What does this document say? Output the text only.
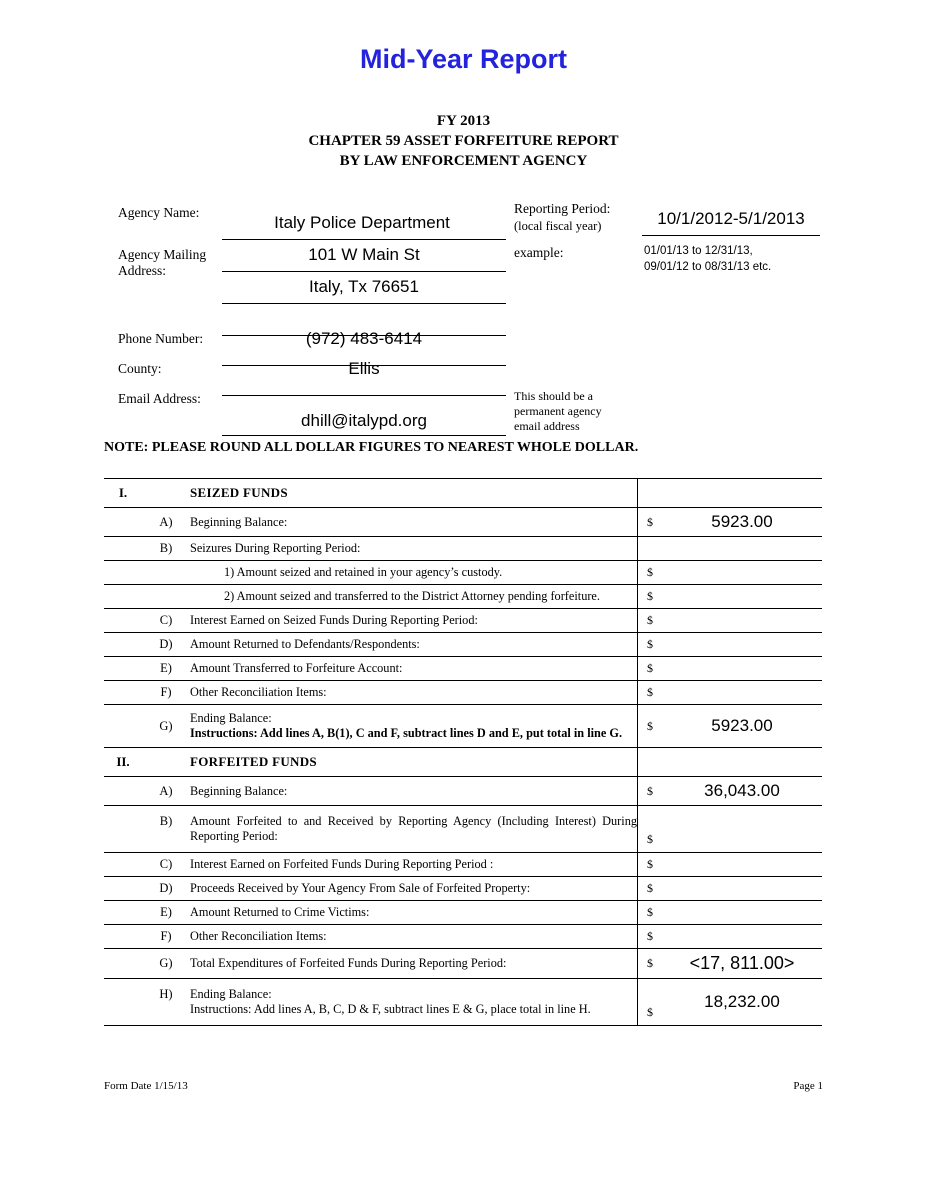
Mid-Year Report
FY 2013
CHAPTER 59 ASSET FORFEITURE REPORT
BY LAW ENFORCEMENT AGENCY
Agency Name:
Italy Police Department
Agency Mailing
Address:
101 W Main St
Italy, Tx 76651
Phone Number:	(972) 483-6414
County:	Ellis
Email Address:
dhill@italypd.org
This should be a
permanent agency
email address
Reporting Period:
(local fiscal year)	10/1/2012-5/1/2013
example:	01/01/13 to 12/31/13,
09/01/12 to 08/31/13 etc.
NOTE: PLEASE ROUND ALL DOLLAR FIGURES TO NEAREST WHOLE DOLLAR.
I.		SEIZED FUNDS		
	A)	Beginning Balance:	$	5923.00
	B)	Seizures During Reporting Period:		
		1) Amount seized and retained in your agency’s custody.	$	
		2) Amount seized and transferred to the District Attorney pending forfeiture.	$	
	C)	Interest Earned on Seized Funds During Reporting Period:	$	
	D)	Amount Returned to Defendants/Respondents:	$	
	E)	Amount Transferred to Forfeiture Account:	$	
	F)	Other Reconciliation Items:	$	
	G)	Ending Balance:
Instructions: Add lines A, B(1), C and F, subtract lines D and E, put total in line G.	$	5923.00
II.		FORFEITED FUNDS		
	A)	Beginning Balance:	$	36,043.00
	B)	Amount Forfeited to and Received by Reporting Agency (Including Interest) During Reporting Period:	$	
	C)	Interest Earned on Forfeited Funds During Reporting Period :	$	
	D)	Proceeds Received by Your Agency From Sale of Forfeited Property:	$	
	E)	Amount Returned to Crime Victims:	$	
	F)	Other Reconciliation Items:	$	
	G)	Total Expenditures of Forfeited Funds During Reporting Period:	$	<17, 811.00>
	H)	Ending Balance:
Instructions: Add lines A, B, C, D & F, subtract lines E & G, place total in line H.	$	18,232.00
Form Date 1/15/13	Page 1
